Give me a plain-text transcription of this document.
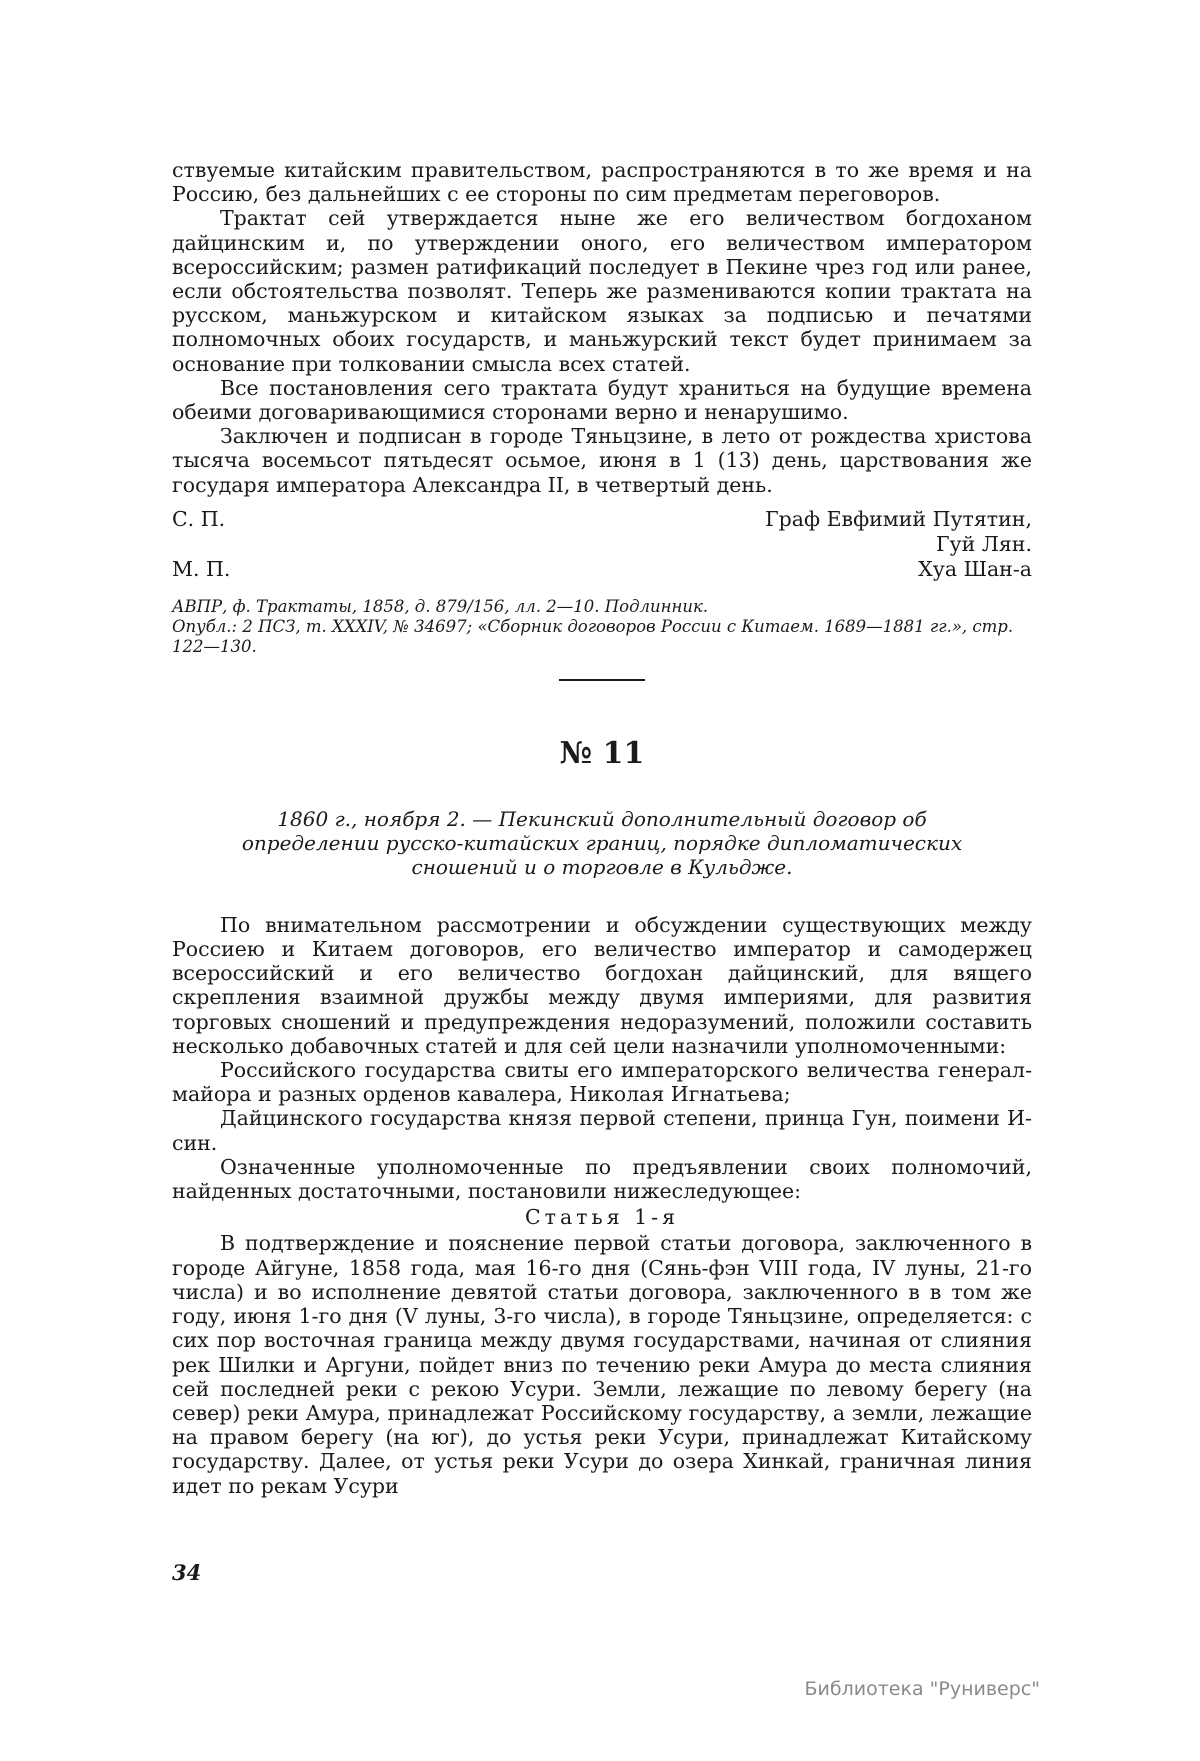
ствуемые китайским правительством, распространяются в то же время и на Россию, без дальнейших с ее стороны по сим предметам переговоров.

Трактат сей утверждается ныне же его величеством богдоханом дайцинским и, по утверждении оного, его величеством императором всероссийским; размен ратификаций последует в Пекине чрез год или ранее, если обстоятельства позволят. Теперь же размениваются копии трактата на русском, маньжурском и китайском языках за подписью и печатями полномочных обоих государств, и маньжурский текст будет принимаем за основание при толковании смысла всех статей.

Все постановления сего трактата будут храниться на будущие времена обеими договаривающимися сторонами верно и ненарушимо.

Заключен и подписан в городе Тяньцзине, в лето от рождества христова тысяча восемьсот пятьдесят осьмое, июня в 1 (13) день, царствования же государя императора Александра II, в четвертый день.

С. П.
М. П.
Граф Евфимий Путятин,
Гуй Лян.
Хуа Шан-а
АВПР, ф. Трактаты, 1858, д. 879/156, лл. 2—10. Подлинник.
Опубл.: 2 ПСЗ, т. XXXIV, № 34697; «Сборник договоров России с Китаем. 1689—1881 гг.», стр. 122—130.
№ 11
1860 г., ноября 2. — Пекинский дополнительный договор об определении русско-китайских границ, порядке дипломатических сношений и о торговле в Кульдже.

По внимательном рассмотрении и обсуждении существующих между Россиею и Китаем договоров, его величество император и самодержец всероссийский и его величество богдохан дайцинский, для вящего скрепления взаимной дружбы между двумя империями, для развития торговых сношений и предупреждения недоразумений, положили составить несколько добавочных статей и для сей цели назначили уполномоченными:

Российского государства свиты его императорского величества генерал-майора и разных орденов кавалера, Николая Игнатьева;

Дайцинского государства князя первой степени, принца Гун, поимени И-син.

Означенные уполномоченные по предъявлении своих полномочий, найденных достаточными, постановили нижеследующее:

Статья 1-я

В подтверждение и пояснение первой статьи договора, заключенного в городе Айгуне, 1858 года, мая 16-го дня (Сянь-фэн VIII года, IV луны, 21-го числа) и во исполнение девятой статьи договора, заключенного в в том же году, июня 1-го дня (V луны, 3-го числа), в городе Тяньцзине, определяется: с сих пор восточная граница между двумя государствами, начиная от слияния рек Шилки и Аргуни, пойдет вниз по течению реки Амура до места слияния сей последней реки с рекою Усури. Земли, лежащие по левому берегу (на север) реки Амура, принадлежат Российскому государству, а земли, лежащие на правом берегу (на юг), до устья реки Усури, принадлежат Китайскому государству. Далее, от устья реки Усури до озера Хинкай, граничная линия идет по рекам Усури

34
Библиотека "Руниверс"
